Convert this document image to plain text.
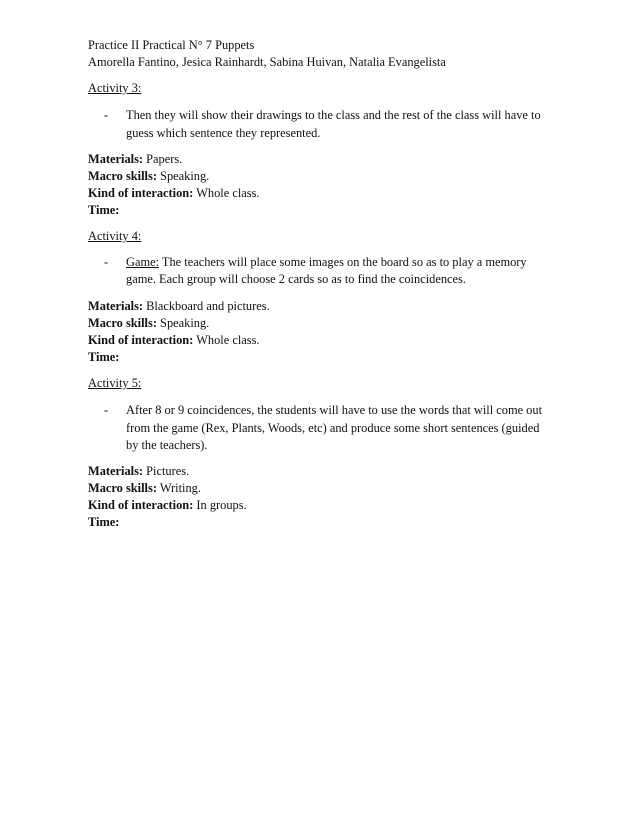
Practice II Practical N° 7 Puppets
Amorella Fantino, Jesica Rainhardt, Sabina Huivan, Natalia Evangelista
Activity 3:
- Then they will show their drawings to the class and the rest of the class will have to
guess which sentence they represented.
Materials: Papers.
Macro skills: Speaking.
Kind of interaction: Whole class.
Time:
Activity 4:
- Game: The teachers will place some images on the board so as to play a memory
game. Each group will choose 2 cards so as to find the coincidences.
Materials: Blackboard and pictures.
Macro skills: Speaking.
Kind of interaction: Whole class.
Time:
Activity 5:
- After 8 or 9 coincidences, the students will have to use the words that will come out
from the game (Rex, Plants, Woods, etc) and produce some short sentences (guided
by the teachers).
Materials: Pictures.
Macro skills: Writing.
Kind of interaction: In groups.
Time:
